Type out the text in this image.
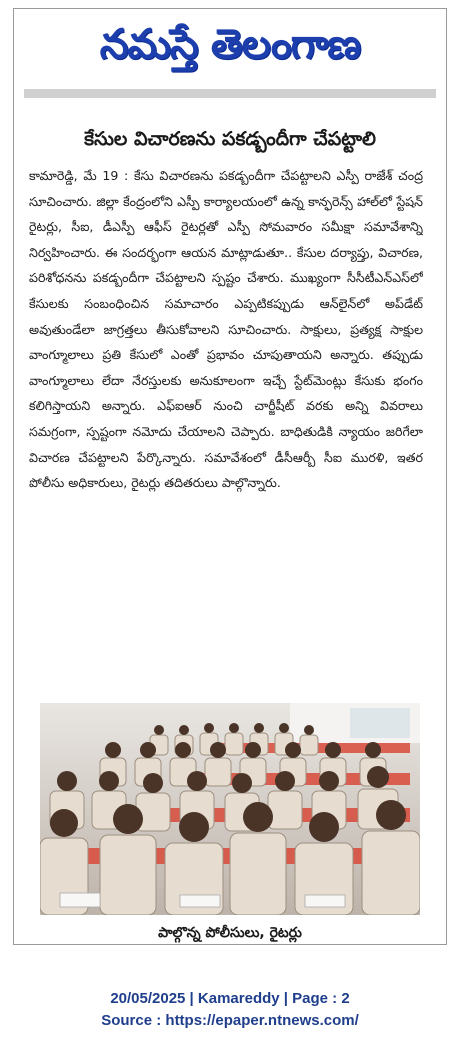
నమస్తే తెలంగాణ
కేసుల విచారణను పకడ్బందీగా చేపట్టాలి
కామారెడ్డి, మే 19 : కేసు విచారణను పకడ్బందీగా చేపట్టాలని ఎస్పీ రాజేశ్ చంద్ర సూచించారు. జిల్లా కేంద్రంలోని ఎస్పీ కార్యాలయంలో ఉన్న కాన్ఫరెన్స్ హాల్‌లో స్టేషన్ రైటర్లు, సీఐ, డీఎస్పీ ఆఫీస్ రైటర్లతో ఎస్పీ సోమవారం సమీక్షా సమావేశాన్ని నిర్వహించారు. ఈ సందర్భంగా ఆయన మాట్లాడుతూ.. కేసుల దర్యాప్తు, విచారణ, పరిశోధనను పకడ్బందీగా చేపట్టాలని స్పష్టం చేశారు. ముఖ్యంగా సీసీటీఎన్ఎస్‌లో కేసులకు సంబంధించిన సమాచారం ఎప్పటికప్పుడు ఆన్‌లైన్‌లో అప్‌డేట్ అవుతుండేలా జాగ్రత్తలు తీసుకోవాలని సూచించారు. సాక్షులు, ప్రత్యక్ష సాక్షుల వాంగ్మూలాలు ప్రతి కేసులో ఎంతో ప్రభావం చూపుతాయని అన్నారు. తప్పుడు వాంగ్మూలాలు లేదా నేరస్తులకు అనుకూలంగా ఇచ్చే స్టేట్‌మెంట్లు కేసుకు భంగం కలిగిస్తాయని అన్నారు. ఎఫ్ఐఆర్ నుంచి చార్జీషీట్ వరకు అన్ని వివరాలు సమగ్రంగా, స్పష్టంగా నమోదు చేయాలని చెప్పారు. బాధితుడికి న్యాయం జరిగేలా విచారణ చేపట్టాలని పేర్కొన్నారు. సమావేశంలో డీసీఆర్బీ సీఐ మురళి, ఇతర పోలీసు అధికారులు, రైటర్లు తదితరులు పాల్గొన్నారు.
పాల్గొన్న పోలీసులు, రైటర్లు
20/05/2025 | Kamareddy | Page : 2
Source : https://epaper.ntnews.com/
